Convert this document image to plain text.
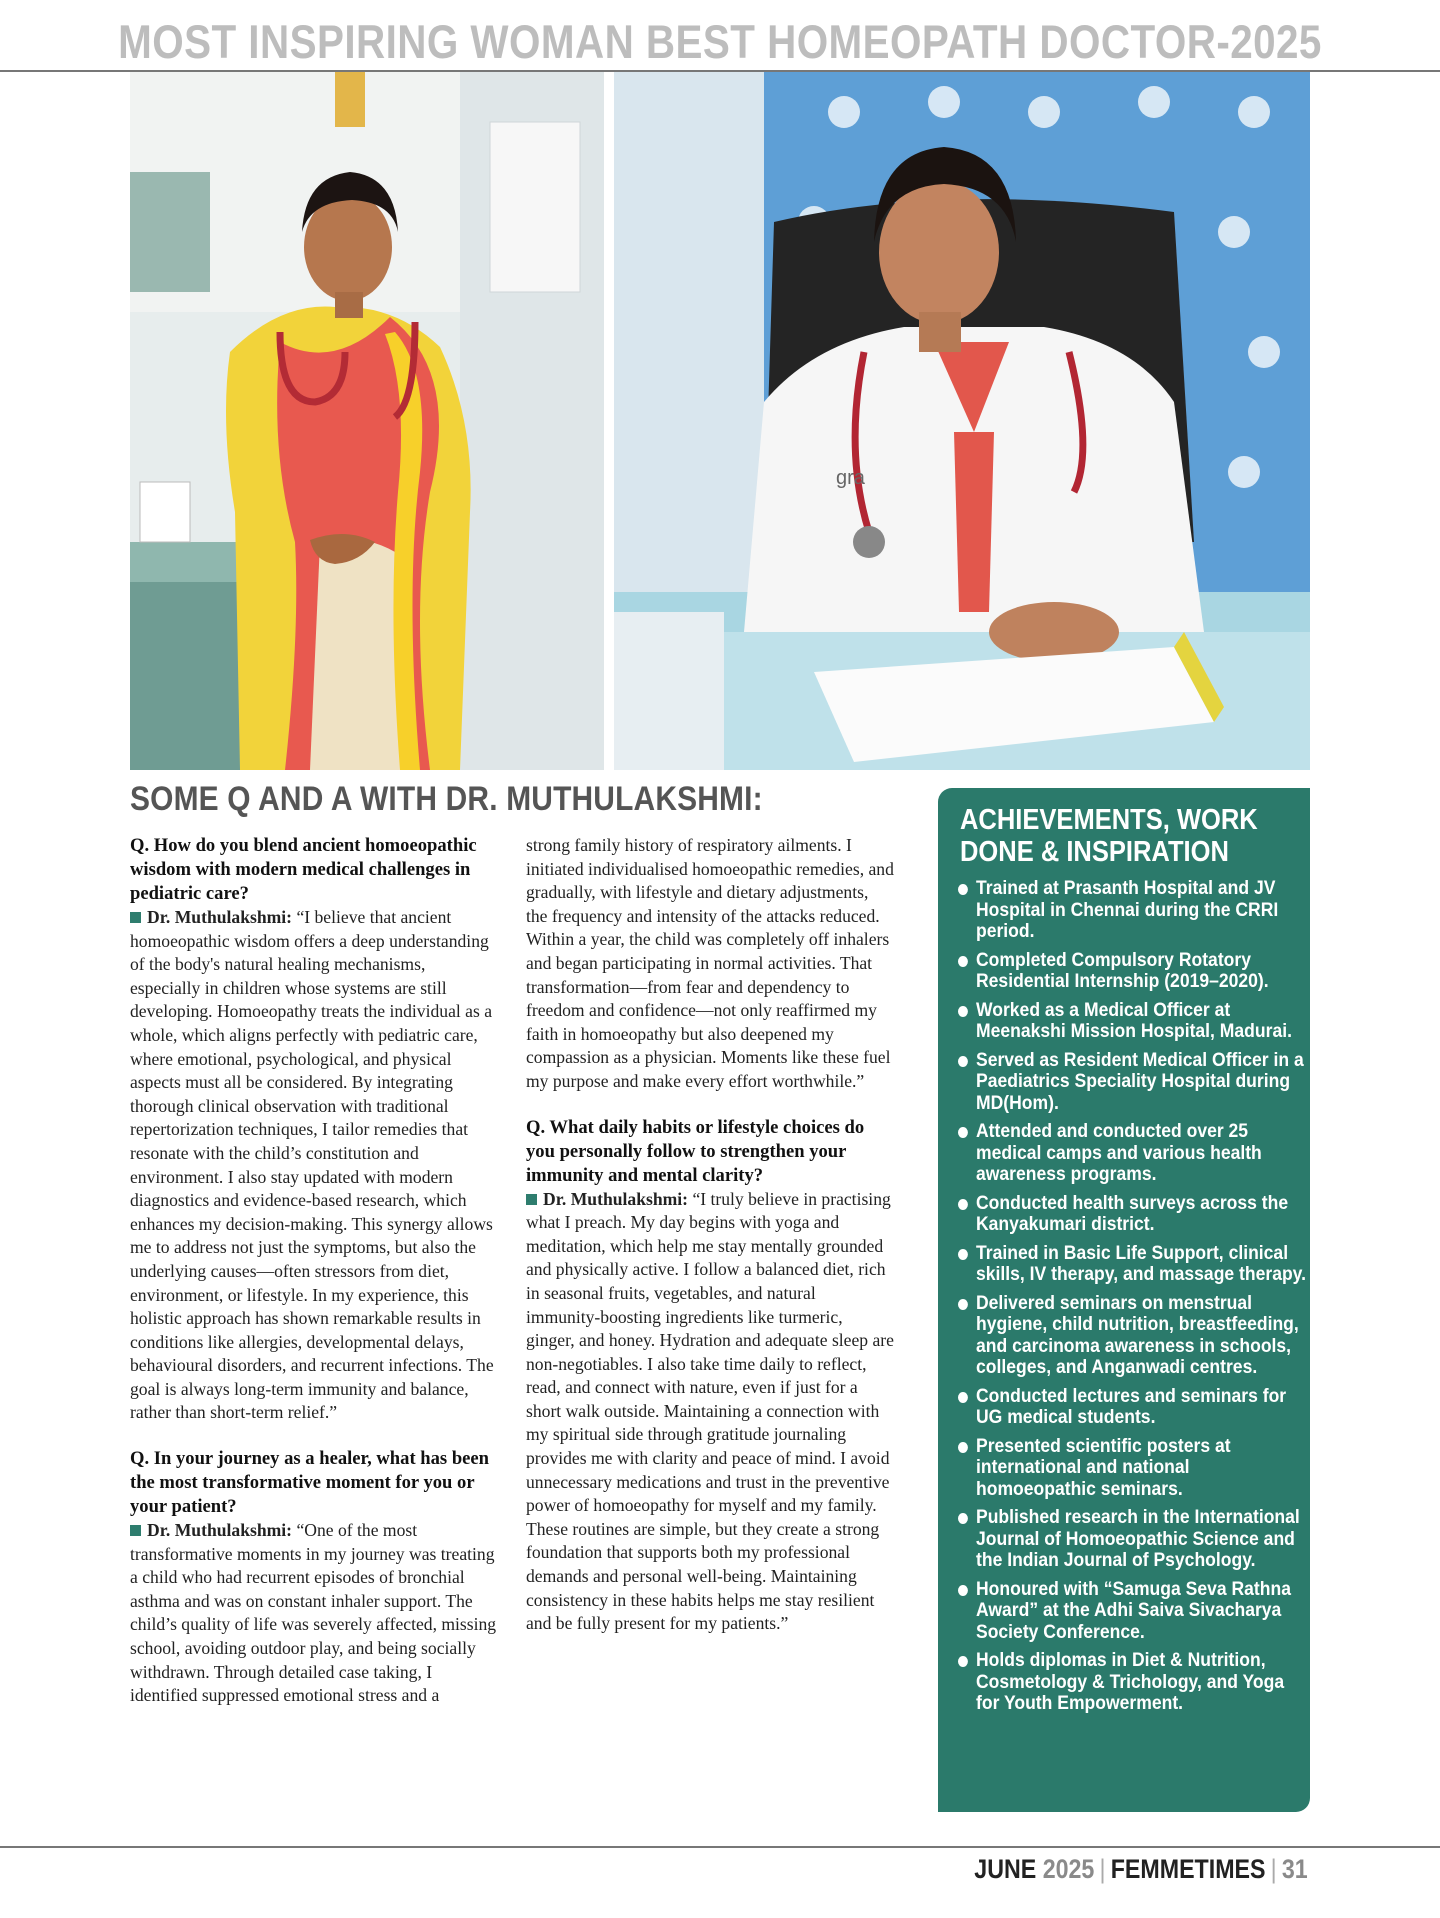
MOST INSPIRING WOMAN BEST HOMEOPATH DOCTOR-2025
gra
SOME Q AND A WITH DR. MUTHULAKSHMI:

Q. How do you blend ancient homoeopathic wisdom with modern medical challenges in pediatric care?

Dr. Muthulakshmi: “I believe that ancient homoeopathic wisdom offers a deep understanding of the body's natural healing mechanisms, especially in children whose systems are still developing. Homoeopathy treats the individual as a whole, which aligns perfectly with pediatric care, where emotional, psychological, and physical aspects must all be considered. By integrating thorough clinical observation with traditional repertorization techniques, I tailor remedies that resonate with the child’s constitution and environment. I also stay updated with modern diagnostics and evidence-based research, which enhances my decision-making. This synergy allows me to address not just the symptoms, but also the underlying causes—often stressors from diet, environment, or lifestyle. In my experience, this holistic approach has shown remarkable results in conditions like allergies, developmental delays, behavioural disorders, and recurrent infections. The goal is always long-term immunity and balance, rather than short-term relief.”

Q. In your journey as a healer, what has been the most transformative moment for you or your patient?

Dr. Muthulakshmi: “One of the most transformative moments in my journey was treating a child who had recurrent episodes of bronchial asthma and was on constant inhaler support. The child’s quality of life was severely affected, missing school, avoiding outdoor play, and being socially withdrawn. Through detailed case taking, I identified suppressed emotional stress and a

strong family history of respiratory ailments. I initiated individualised homoeopathic remedies, and gradually, with lifestyle and dietary adjustments, the frequency and intensity of the attacks reduced. Within a year, the child was completely off inhalers and began participating in normal activities. That transformation—from fear and dependency to freedom and confidence—not only reaffirmed my faith in homoeopathy but also deepened my compassion as a physician. Moments like these fuel my purpose and make every effort worthwhile.”

Q. What daily habits or lifestyle choices do you personally follow to strengthen your immunity and mental clarity?

Dr. Muthulakshmi: “I truly believe in practising what I preach. My day begins with yoga and meditation, which help me stay mentally grounded and physically active. I follow a balanced diet, rich in seasonal fruits, vegetables, and natural immunity-boosting ingredients like turmeric, ginger, and honey. Hydration and adequate sleep are non-negotiables. I also take time daily to reflect, read, and connect with nature, even if just for a short walk outside. Maintaining a connection with my spiritual side through gratitude journaling provides me with clarity and peace of mind. I avoid unnecessary medications and trust in the preventive power of homoeopathy for myself and my family. These routines are simple, but they create a strong foundation that supports both my professional demands and personal well-being. Maintaining consistency in these habits helps me stay resilient and be fully present for my patients.”

ACHIEVEMENTS, WORK DONE & INSPIRATION
Trained at Prasanth Hospital and JV Hospital in Chennai during the CRRI period.
Completed Compulsory Rotatory Residential Internship (2019–2020).
Worked as a Medical Officer at Meenakshi Mission Hospital, Madurai.
Served as Resident Medical Officer in a Paediatrics Speciality Hospital during MD(Hom).
Attended and conducted over 25 medical camps and various health awareness programs.
Conducted health surveys across the Kanyakumari district.
Trained in Basic Life Support, clinical skills, IV therapy, and massage therapy.
Delivered seminars on menstrual hygiene, child nutrition, breastfeeding, and carcinoma awareness in schools, colleges, and Anganwadi centres.
Conducted lectures and seminars for UG medical students.
Presented scientific posters at international and national homoeopathic seminars.
Published research in the International Journal of Homoeopathic Science and the Indian Journal of Psychology.
Honoured with “Samuga Seva Rathna Award” at the Adhi Saiva Sivacharya Society Conference.
Holds diplomas in Diet & Nutrition, Cosmetology & Trichology, and Yoga for Youth Empowerment.
JUNE 2025 | FEMMETIMES | 31
